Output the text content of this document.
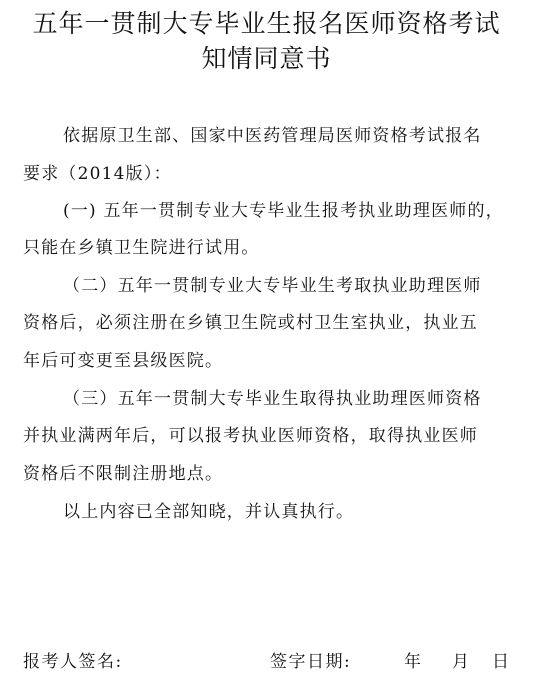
五年一贯制大专毕业生报名医师资格考试
知情同意书
依据原卫生部、国家中医药管理局医师资格考试报名
要求（2014版）：
(一) 五年一贯制专业大专毕业生报考执业助理医师的，
只能在乡镇卫生院进行试用。
（二）五年一贯制专业大专毕业生考取执业助理医师
资格后，必须注册在乡镇卫生院或村卫生室执业，执业五
年后可变更至县级医院。
（三）五年一贯制大专毕业生取得执业助理医师资格
并执业满两年后，可以报考执业医师资格，取得执业医师
资格后不限制注册地点。
以上内容已全部知晓，并认真执行。
报考人签名:	签字日期:	年 月 日
